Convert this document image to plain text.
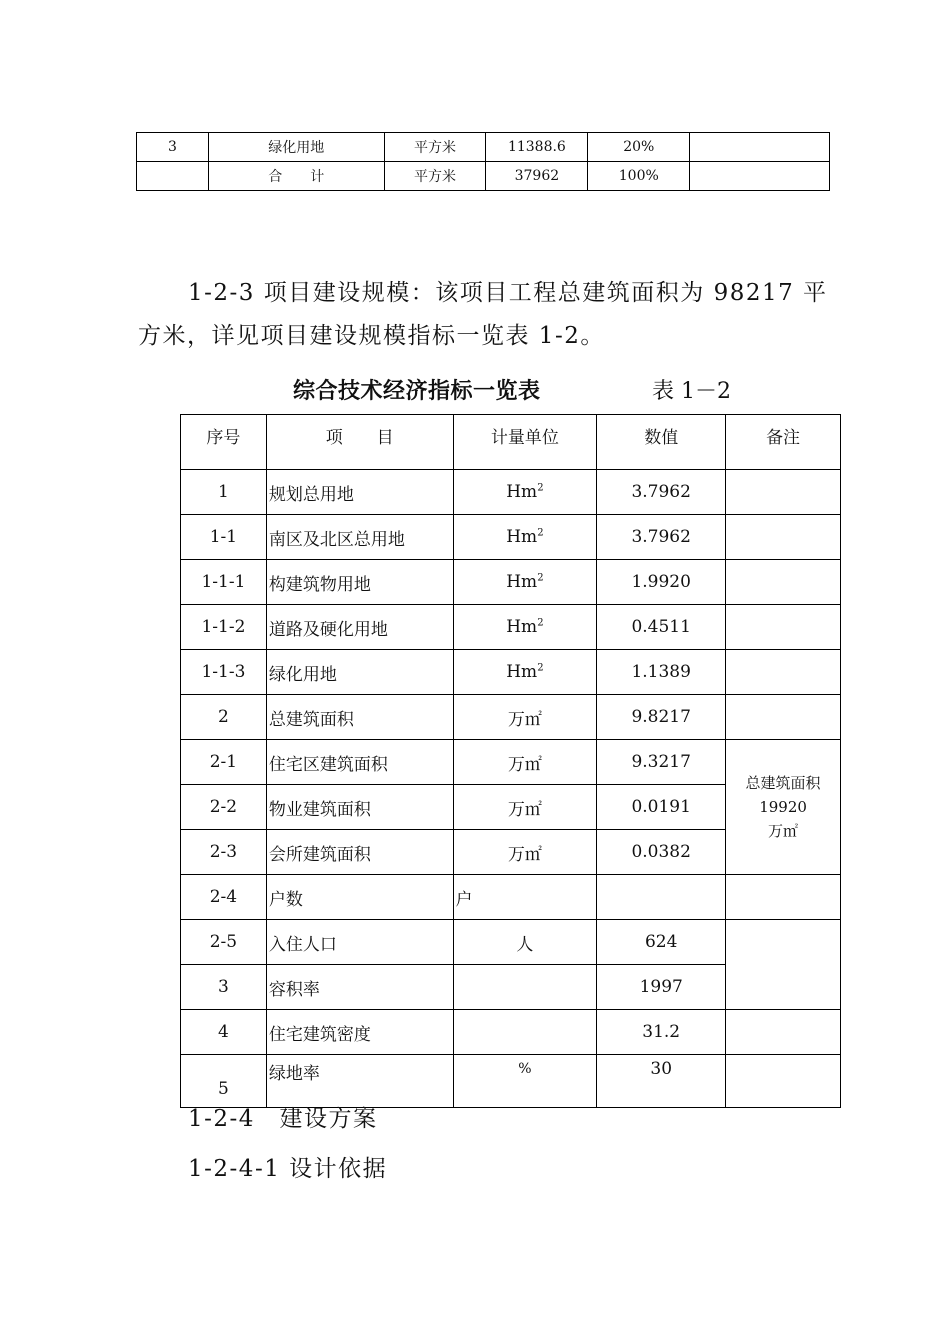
3	绿化用地	平方米	11388.6	20%	
	合　　计	平方米	37962	100%	

1-2-3 项目建设规模：该项目工程总建筑面积为 98217 平方米，详见项目建设规模指标一览表 1-2。

综合技术经济指标一览表	表 1－2
序号	项　　目	计量单位	数值	备注
1	规划总用地	Hm$^2$	3.7962	
1-1	南区及北区总用地	Hm$^2$	3.7962	
1-1-1	构建筑物用地	Hm$^2$	1.9920	
1-1-2	道路及硬化用地	Hm$^2$	0.4511	
1-1-3	绿化用地	Hm$^2$	1.1389	
2	总建筑面积	万㎡	9.8217	
2-1	住宅区建筑面积	万㎡	9.3217	总建筑面积
19920
万㎡

2-2	物业建筑面积	万㎡	0.0191	
2-3	会所建筑面积	万㎡	0.0382	
2-4	户数	户		
2-5	入住人口	人	624	
3	容积率		1997	
4	住宅建筑密度		31.2	
5	绿地率	%	30	

1-2-4　建设方案

1-2-4-1 设计依据
